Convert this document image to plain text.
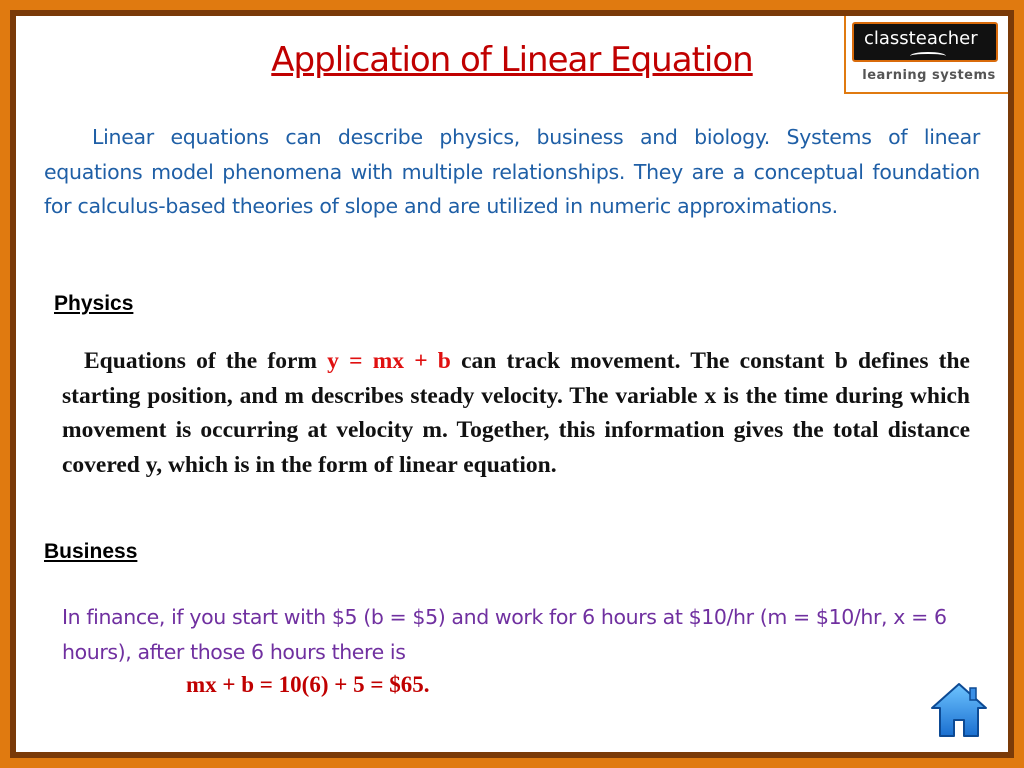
Application of Linear Equation
Linear equations can describe physics, business and biology. Systems of linear equations model phenomena with multiple relationships. They are a conceptual foundation for calculus-based theories of slope and are utilized in numeric approximations.
Physics
Equations of the form y = mx + b can track movement. The constant b defines the starting position, and m describes steady velocity. The variable x is the time during which movement is occurring at velocity m. Together, this information gives the total distance covered y, which is in the form of linear equation.
Business
In finance, if you start with $5 (b = $5) and work for 6 hours at $10/hr (m = $10/hr, x = 6 hours), after those 6 hours there is
mx + b = 10(6) + 5 = $65.
classteacher
learning systems
